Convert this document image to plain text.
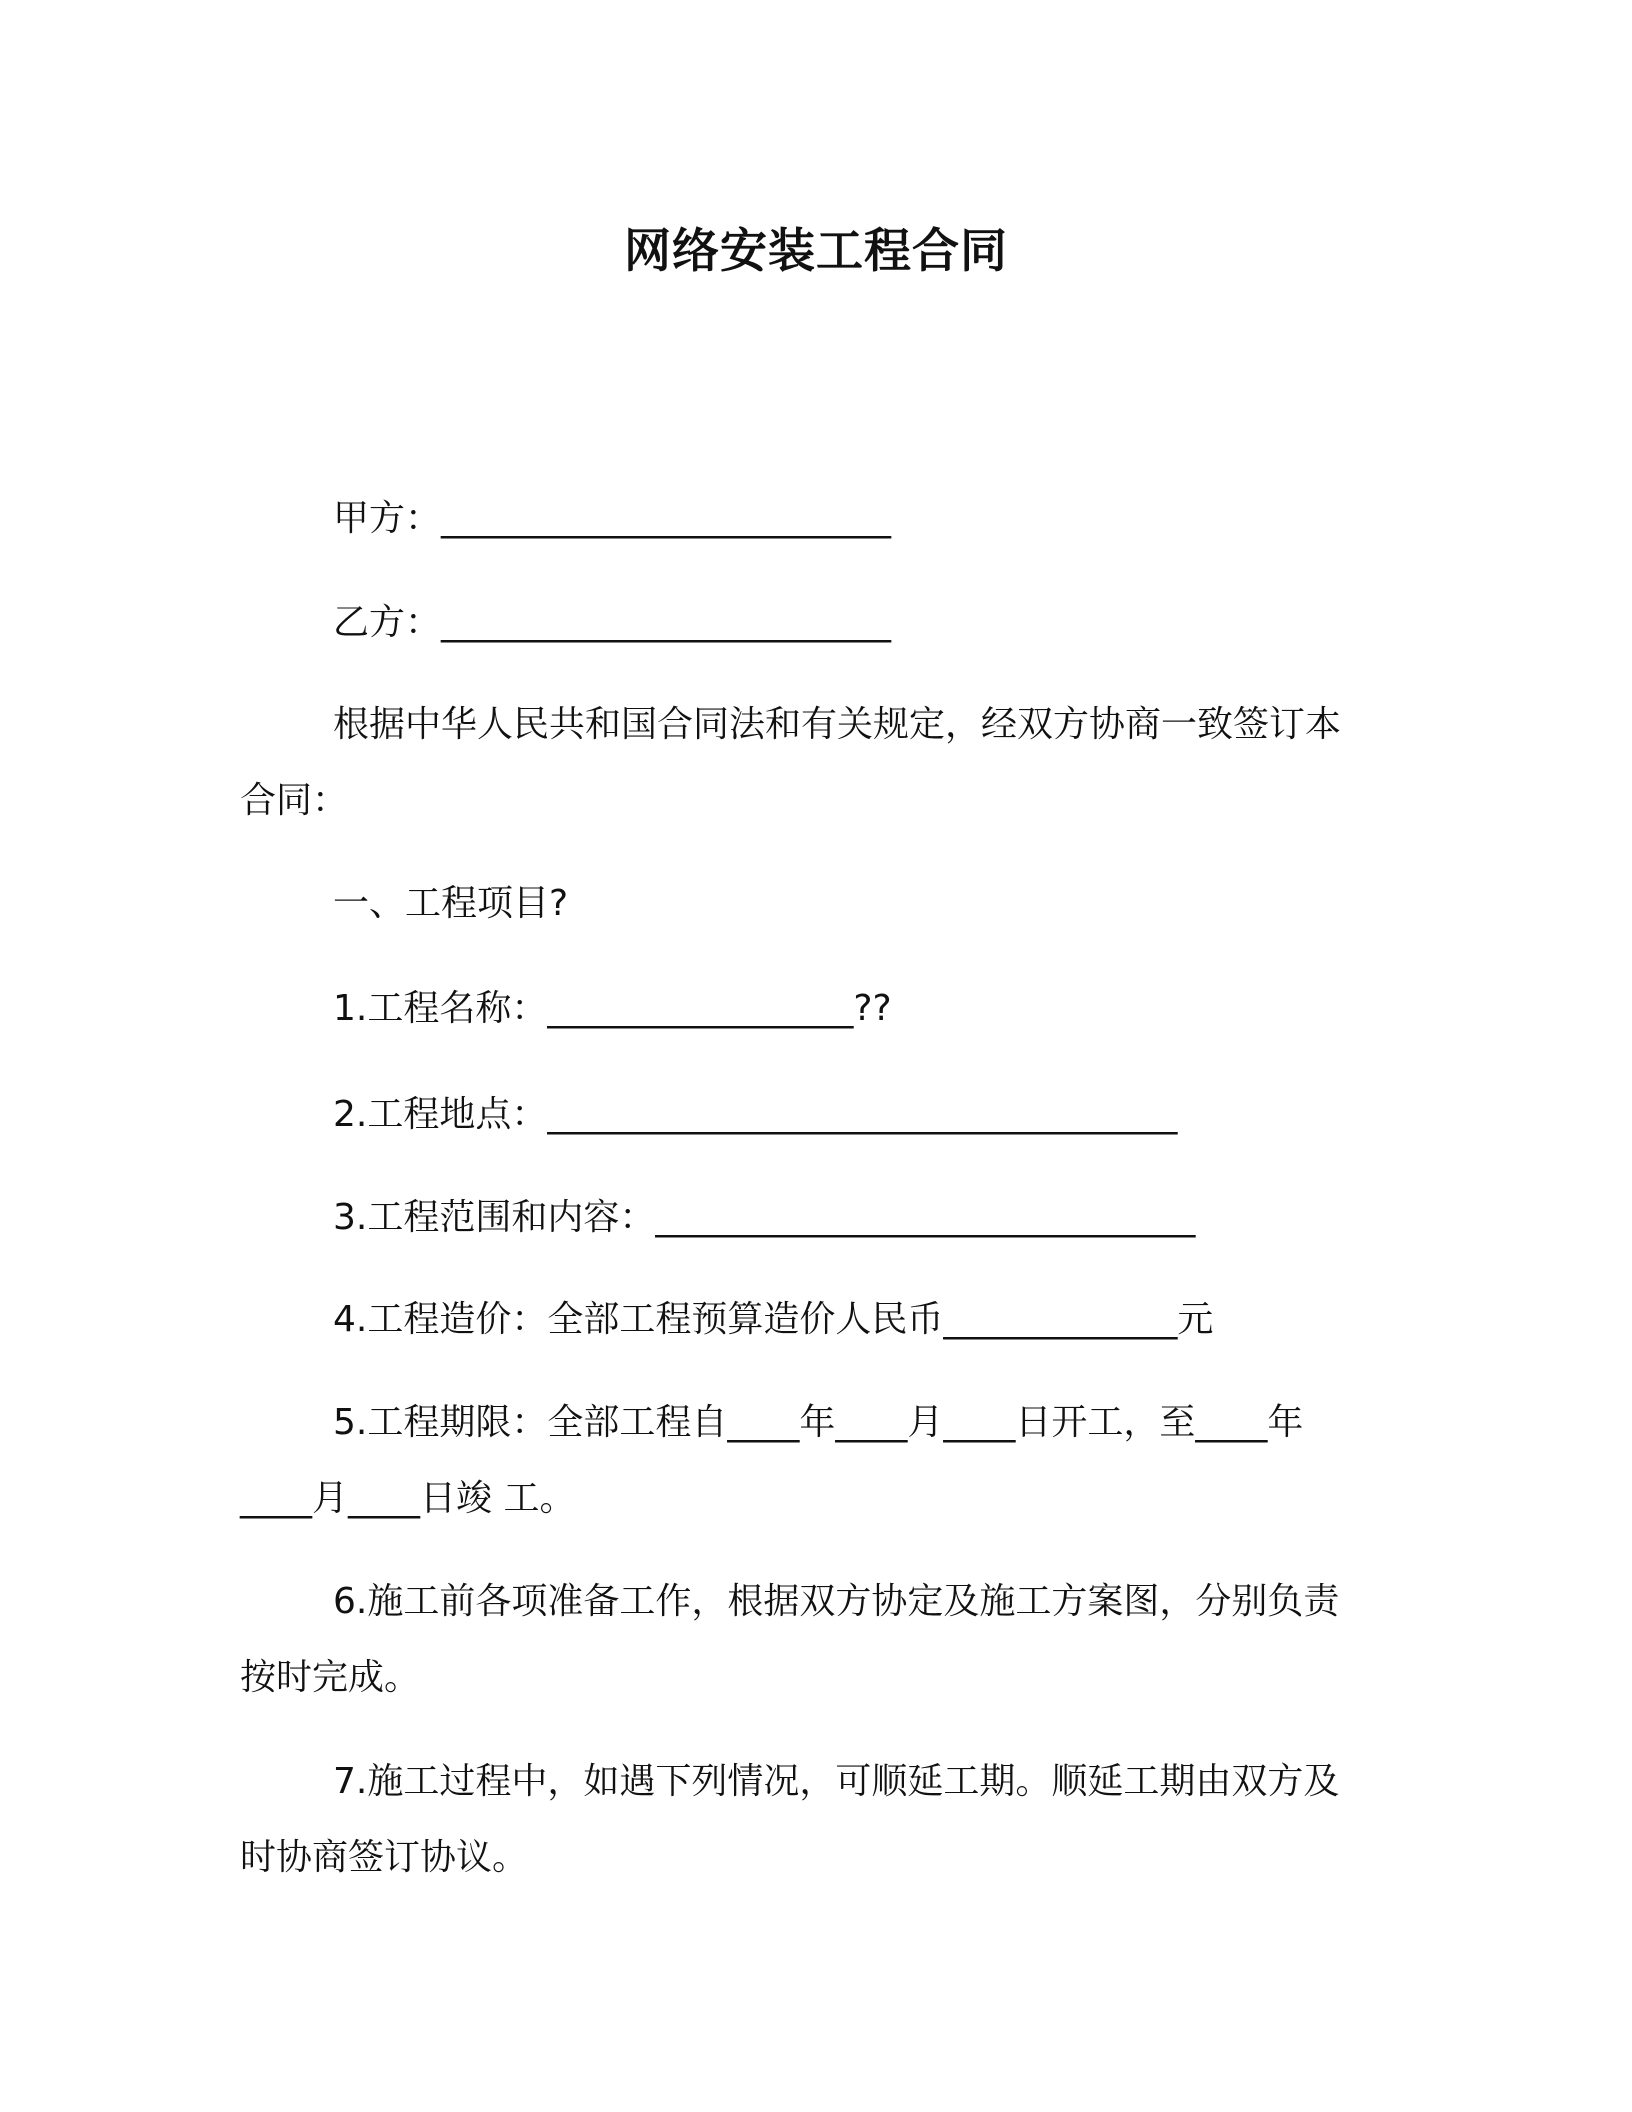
网络安装工程合同
甲方：_________________________
乙方：_________________________
根据中华人民共和国合同法和有关规定，经双方协商一致签订本
合同：
一、工程项目?
1.工程名称：_________________??
2.工程地点：___________________________________
3.工程范围和内容：______________________________
4.工程造价：全部工程预算造价人民币_____________元
5.工程期限：全部工程自____年____月____日开工，至____年
____月____日竣 工。
6.施工前各项准备工作，根据双方协定及施工方案图，分别负责
按时完成。
7.施工过程中，如遇下列情况，可顺延工期。顺延工期由双方及
时协商签订协议。
